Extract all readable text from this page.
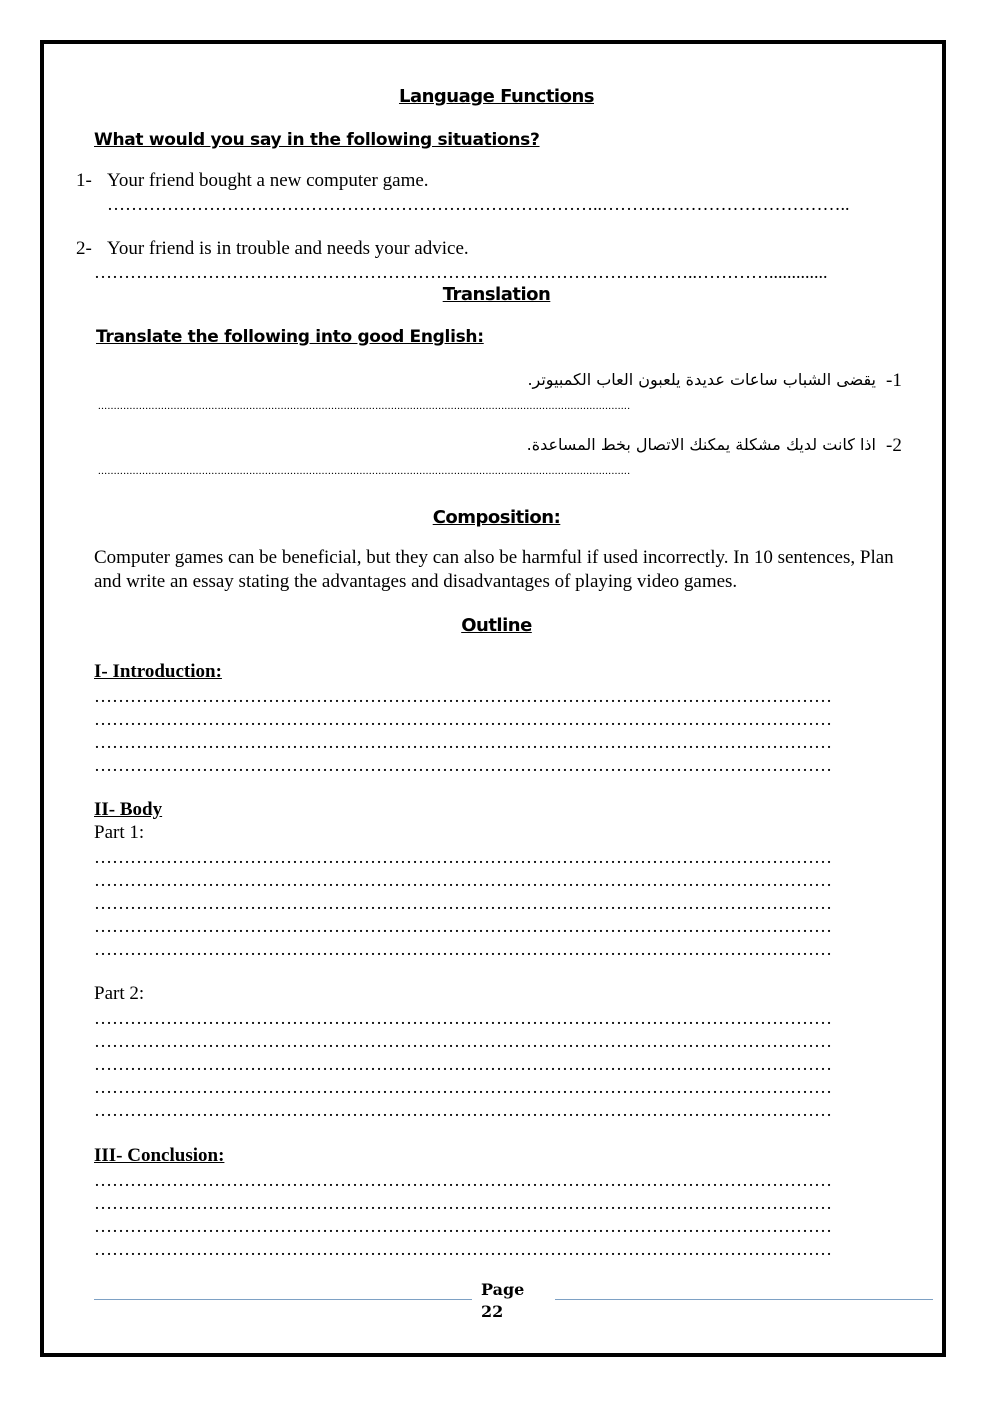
Language Functions
What would you say in the following situations?
1- Your friend bought a new computer game.
………………………………………………………………………..……….…………………………..
2- Your friend is in trouble and needs your advice.
………………………………………………………………………………………..………….............
Translation
Translate the following into good English:
-1
يقضى الشباب ساعات عديدة يلعبون العاب الكمبيوتر.
.........................................................................................................................................................................
-2
اذا كانت لديك مشكلة يمكنك الاتصال بخط المساعدة.
.........................................................................................................................................................................
Composition:
Computer games can be beneficial, but they can also be harmful if used incorrectly. In 10 sentences, Plan and write an essay stating the advantages and disadvantages of playing video games.
Outline
I- Introduction:
……………………………………………………………………………………………………………
……………………………………………………………………………………………………………
……………………………………………………………………………………………………………
……………………………………………………………………………………………………………
II- Body
Part 1:
……………………………………………………………………………………………………………
……………………………………………………………………………………………………………
……………………………………………………………………………………………………………
……………………………………………………………………………………………………………
……………………………………………………………………………………………………………
Part 2:
……………………………………………………………………………………………………………
……………………………………………………………………………………………………………
……………………………………………………………………………………………………………
……………………………………………………………………………………………………………
……………………………………………………………………………………………………………
III- Conclusion:
……………………………………………………………………………………………………………
……………………………………………………………………………………………………………
……………………………………………………………………………………………………………
……………………………………………………………………………………………………………
Page
22
